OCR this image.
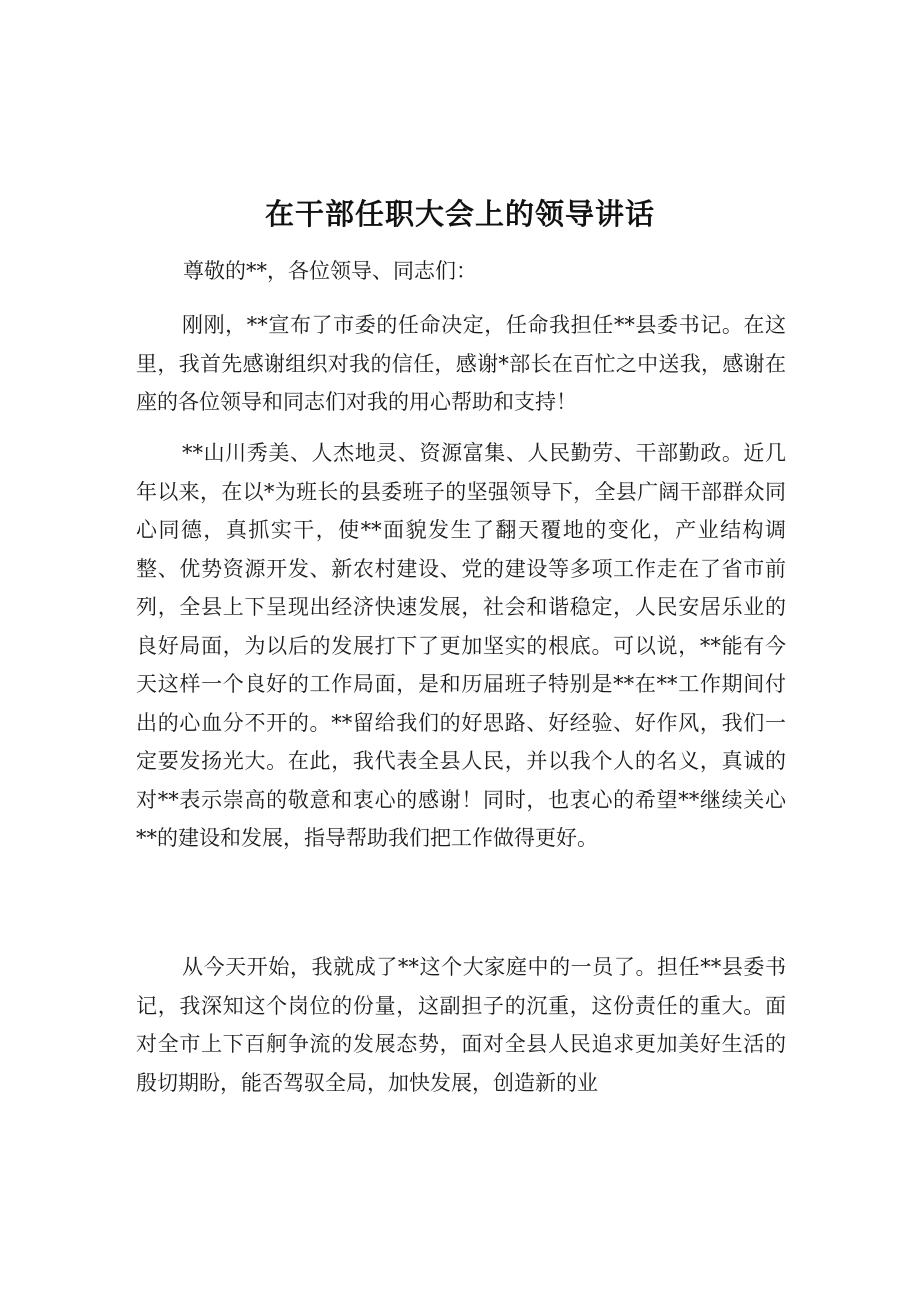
在干部任职大会上的领导讲话
尊敬的**，各位领导、同志们：

刚刚，**宣布了市委的任命决定，任命我担任**县委书记。在这里，我首先感谢组织对我的信任，感谢*部长在百忙之中送我，感谢在座的各位领导和同志们对我的用心帮助和支持！

**山川秀美、人杰地灵、资源富集、人民勤劳、干部勤政。近几年以来，在以*为班长的县委班子的坚强领导下，全县广阔干部群众同心同德，真抓实干，使**面貌发生了翻天覆地的变化，产业结构调整、优势资源开发、新农村建设、党的建设等多项工作走在了省市前列，全县上下呈现出经济快速发展，社会和谐稳定，人民安居乐业的良好局面，为以后的发展打下了更加坚实的根底。可以说，**能有今天这样一个良好的工作局面，是和历届班子特别是**在**工作期间付出的心血分不开的。**留给我们的好思路、好经验、好作风，我们一定要发扬光大。在此，我代表全县人民，并以我个人的名义，真诚的对**表示崇高的敬意和衷心的感谢！同时，也衷心的希望**继续关心**的建设和发展，指导帮助我们把工作做得更好。

从今天开始，我就成了**这个大家庭中的一员了。担任**县委书记，我深知这个岗位的份量，这副担子的沉重，这份责任的重大。面对全市上下百舸争流的发展态势，面对全县人民追求更加美好生活的殷切期盼，能否驾驭全局，加快发展，创造新的业
